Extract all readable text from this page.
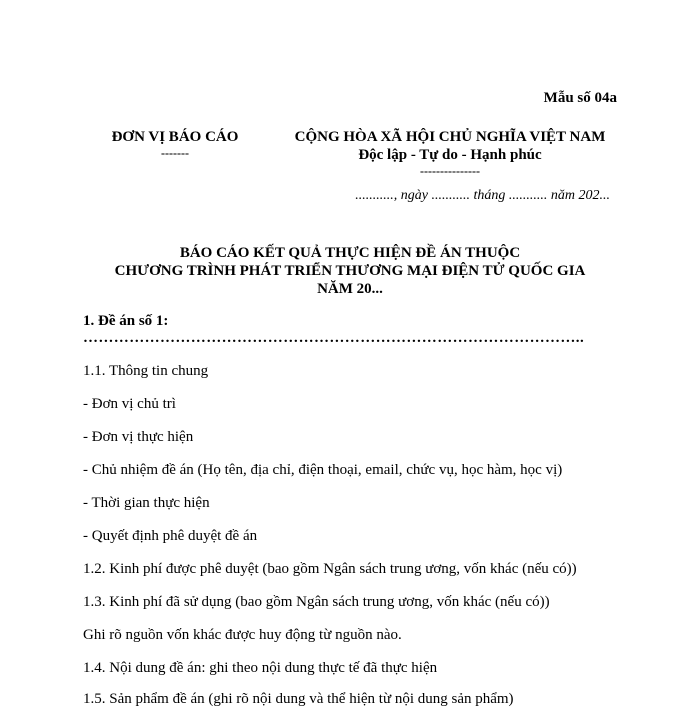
Mẫu số 04a
ĐƠN VỊ BÁO CÁO
-------
CỘNG HÒA XÃ HỘI CHỦ NGHĨA VIỆT NAM
Độc lập - Tự do - Hạnh phúc
---------------
..........., ngày ........... tháng ........... năm 202...
BÁO CÁO KẾT QUẢ THỰC HIỆN ĐỀ ÁN THUỘC
CHƯƠNG TRÌNH PHÁT TRIỂN THƯƠNG MẠI ĐIỆN TỬ QUỐC GIA
NĂM 20...
1. Đề án số 1:
……………………………………………………………………………………..
1.1. Thông tin chung
- Đơn vị chủ trì
- Đơn vị thực hiện
- Chủ nhiệm đề án (Họ tên, địa chỉ, điện thoại, email, chức vụ, học hàm, học vị)
- Thời gian thực hiện
- Quyết định phê duyệt đề án
1.2. Kinh phí được phê duyệt (bao gồm Ngân sách trung ương, vốn khác (nếu có))
1.3. Kinh phí đã sử dụng (bao gồm Ngân sách trung ương, vốn khác (nếu có))
Ghi rõ nguồn vốn khác được huy động từ nguồn nào.
1.4. Nội dung đề án: ghi theo nội dung thực tế đã thực hiện
1.5. Sản phẩm đề án (ghi rõ nội dung và thể hiện từ nội dung sản phẩm)
